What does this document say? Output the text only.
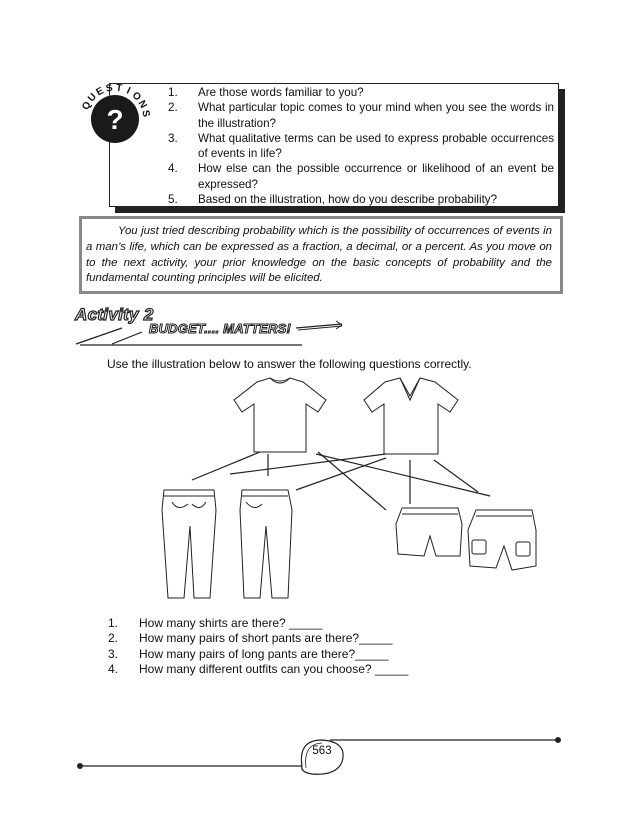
?
Q
U
E S T I
O
N
S
1. Are those words familiar to you?
2. What particular topic comes to your mind when you see the words in the illustration?
3. What qualitative terms can be used to express probable occurrences of events in life?
4. How else can the possible occurrence or likelihood of an event be expressed?
5. Based on the illustration, how do you describe probability?
You just tried describing probability which is the possibility of occurrences of events in a man’s life, which can be expressed as a fraction, a decimal, or a percent. As you move on to the next activity, your prior knowledge on the basic concepts of probability and the fundamental counting principles will be elicited.
Activity 2
BUDGET.... MATTERS!
Use the illustration below to answer the following questions correctly.
1. How many shirts are there? _____
2. How many pairs of short pants are there?_____
3. How many pairs of long pants are there?_____
4. How many different outfits can you choose? _____
563
